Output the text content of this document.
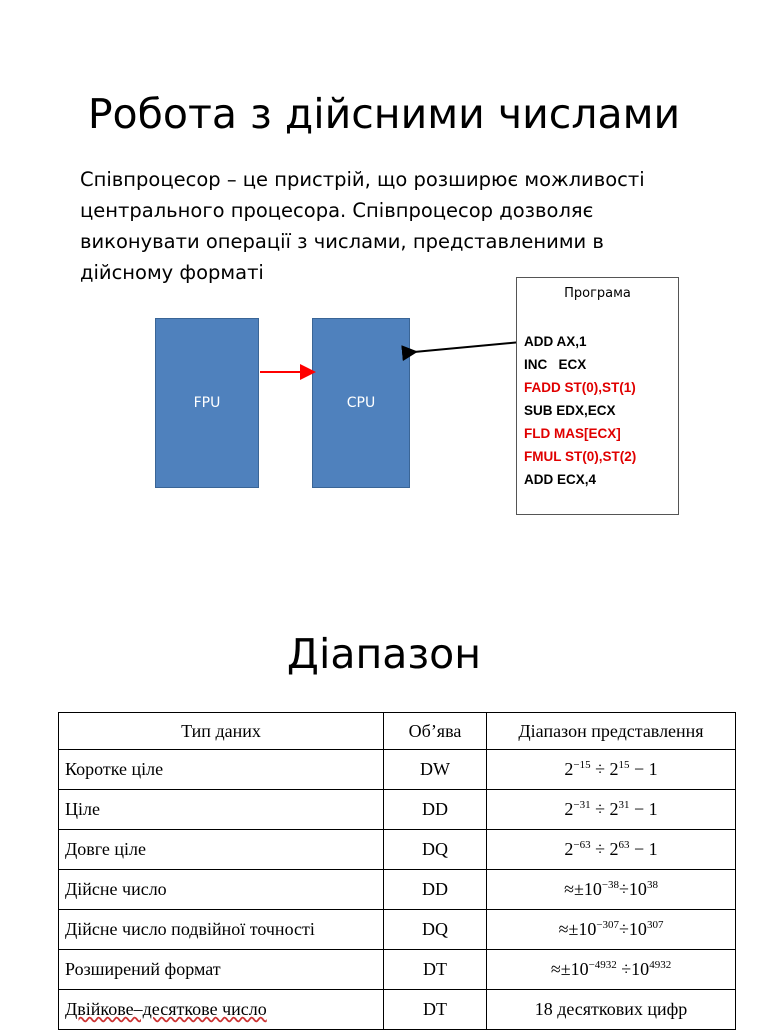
Робота з дійсними числами
Співпроцесор – це пристрій, що розширює можливості центрального процесора. Співпроцесор дозволяє виконувати операції з числами, представленими в дійсному форматі
FPU	CPU
Програма
ADD AX,1
INC   ECX
FADD ST(0),ST(1)
SUB EDX,ECX
FLD MAS[ECX]
FMUL ST(0),ST(2)
ADD ECX,4
Діапазон
Тип даних	Об’ява	Діапазон представлення
Коротке ціле	DW	$2^{-15} \div 2^{15} - 1$
Ціле	DD	$2^{-31} \div 2^{31} - 1$
Довге ціле	DQ	$2^{-63} \div 2^{63} - 1$
Дійсне число	DD	$\approx\pm 10^{-38}\div 10^{38}$
Дійсне число подвійної точності	DQ	$\approx\pm 10^{-307}\div 10^{307}$
Розширений формат	DT	$\approx\pm 10^{-4932} \div 10^{4932}$
Двійкове–десяткове число	DT	18 десяткових цифр
